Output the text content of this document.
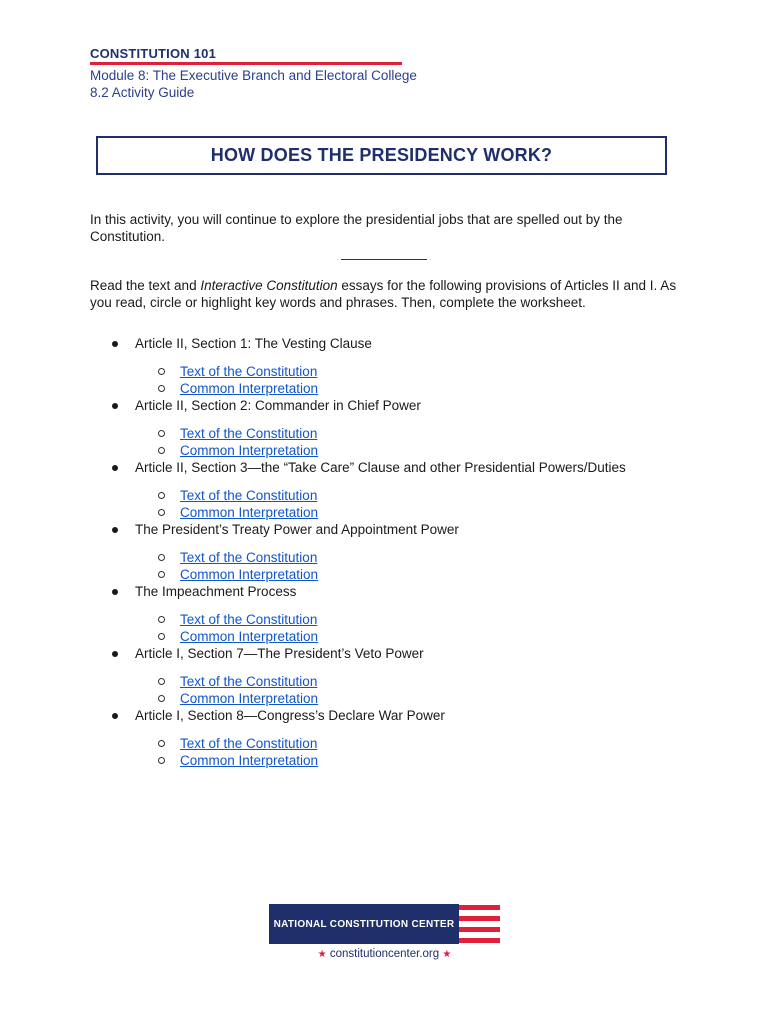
CONSTITUTION 101
Module 8: The Executive Branch and Electoral College
8.2 Activity Guide
HOW DOES THE PRESIDENCY WORK?
In this activity, you will continue to explore the presidential jobs that are spelled out by the Constitution.
Read the text and Interactive Constitution essays for the following provisions of Articles II and I. As you read, circle or highlight key words and phrases. Then, complete the worksheet.
Article II, Section 1: The Vesting Clause
Text of the Constitution
Common Interpretation
Article II, Section 2: Commander in Chief Power
Text of the Constitution
Common Interpretation
Article II, Section 3—the “Take Care” Clause and other Presidential Powers/Duties
Text of the Constitution
Common Interpretation
The President’s Treaty Power and Appointment Power
Text of the Constitution
Common Interpretation
The Impeachment Process
Text of the Constitution
Common Interpretation
Article I, Section 7—The President’s Veto Power
Text of the Constitution
Common Interpretation
Article I, Section 8—Congress’s Declare War Power
Text of the Constitution
Common Interpretation
NATIONAL CONSTITUTION CENTER
★ constitutioncenter.org ★
